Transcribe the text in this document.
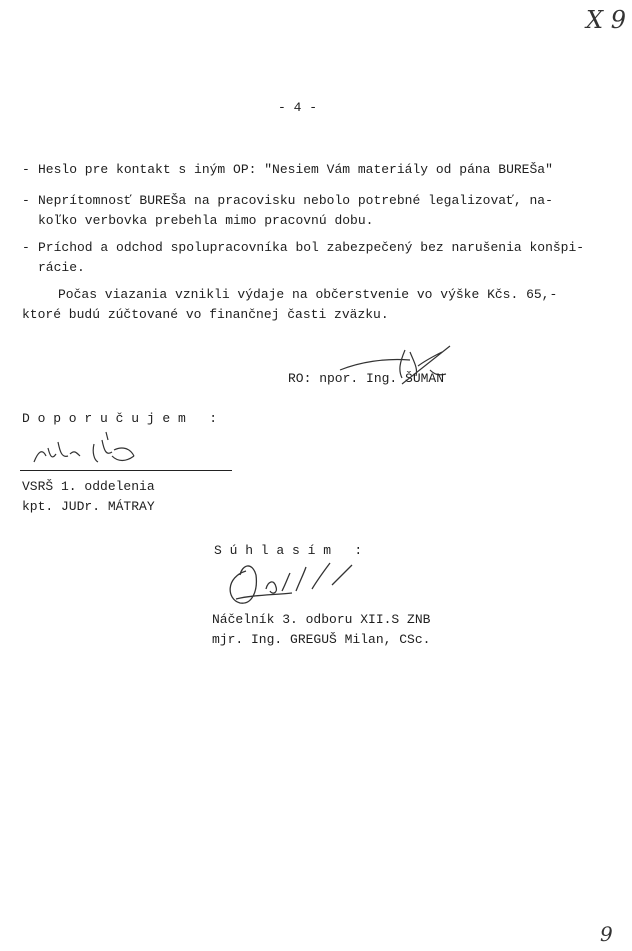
X 9
- 4 -
- Heslo pre kontakt s iným OP: "Nesiem Vám materiály od pána BUREŠa"
- Neprítomnosť BUREŠa na pracovisku nebolo potrebné legalizovať, na-
koľko verbovka prebehla mimo pracovnú dobu.
- Príchod a odchod spolupracovníka bol zabezpečený bez narušenia konšpi-
rácie.
Počas viazania vznikli výdaje na občerstvenie vo výške Kčs. 65,-
ktoré budú zúčtované vo finančnej časti zväzku.
RO: npor. Ing. ŠUMAN
D o p o r u č u j e m   :
VSRŠ 1. oddelenia
kpt. JUDr. MÁTRAY
S ú h l a s í m   :
Náčelník 3. odboru XII.S ZNB
mjr. Ing. GREGUŠ Milan, CSc.
9
